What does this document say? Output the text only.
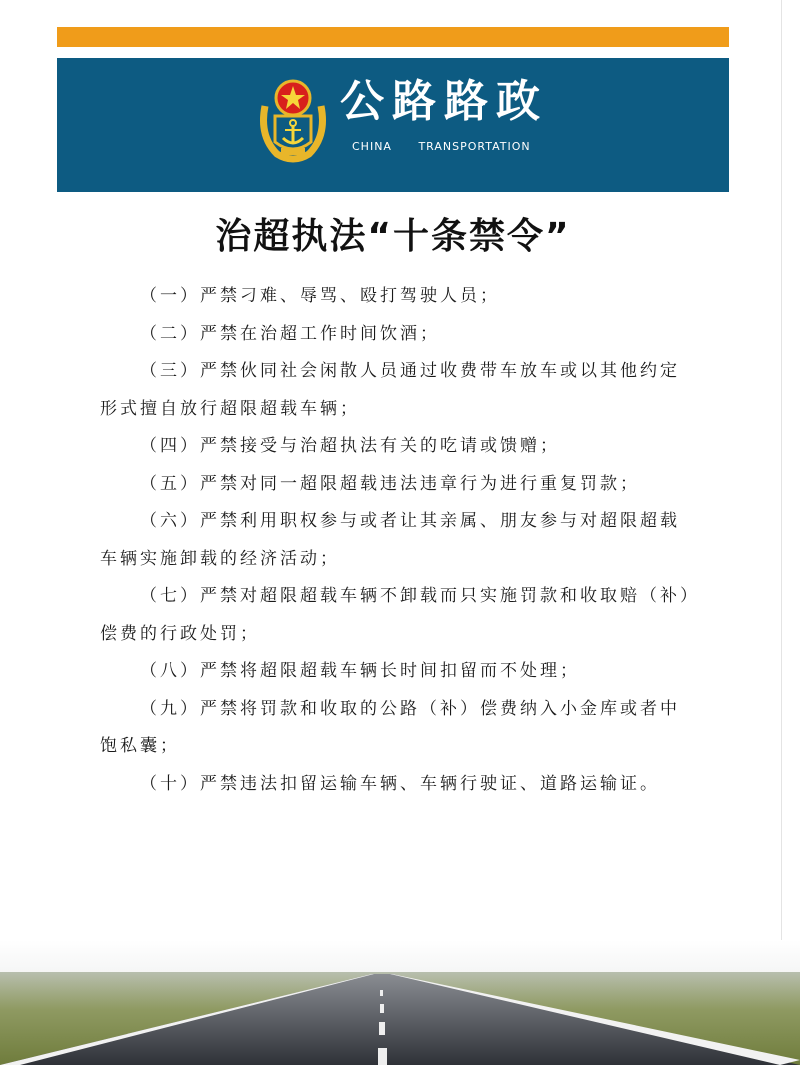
公路路政
CHINA TRANSPORTATION
治超执法“十条禁令”
（一）严禁刁难、辱骂、殴打驾驶人员；
（二）严禁在治超工作时间饮酒；
（三）严禁伙同社会闲散人员通过收费带车放车或以其他约定形式擅自放行超限超载车辆；
（四）严禁接受与治超执法有关的吃请或馈赠；
（五）严禁对同一超限超载违法违章行为进行重复罚款；
（六）严禁利用职权参与或者让其亲属、朋友参与对超限超载车辆实施卸载的经济活动；
（七）严禁对超限超载车辆不卸载而只实施罚款和收取赔（补）偿费的行政处罚；
（八）严禁将超限超载车辆长时间扣留而不处理；
（九）严禁将罚款和收取的公路（补）偿费纳入小金库或者中饱私囊；
（十）严禁违法扣留运输车辆、车辆行驶证、道路运输证。
